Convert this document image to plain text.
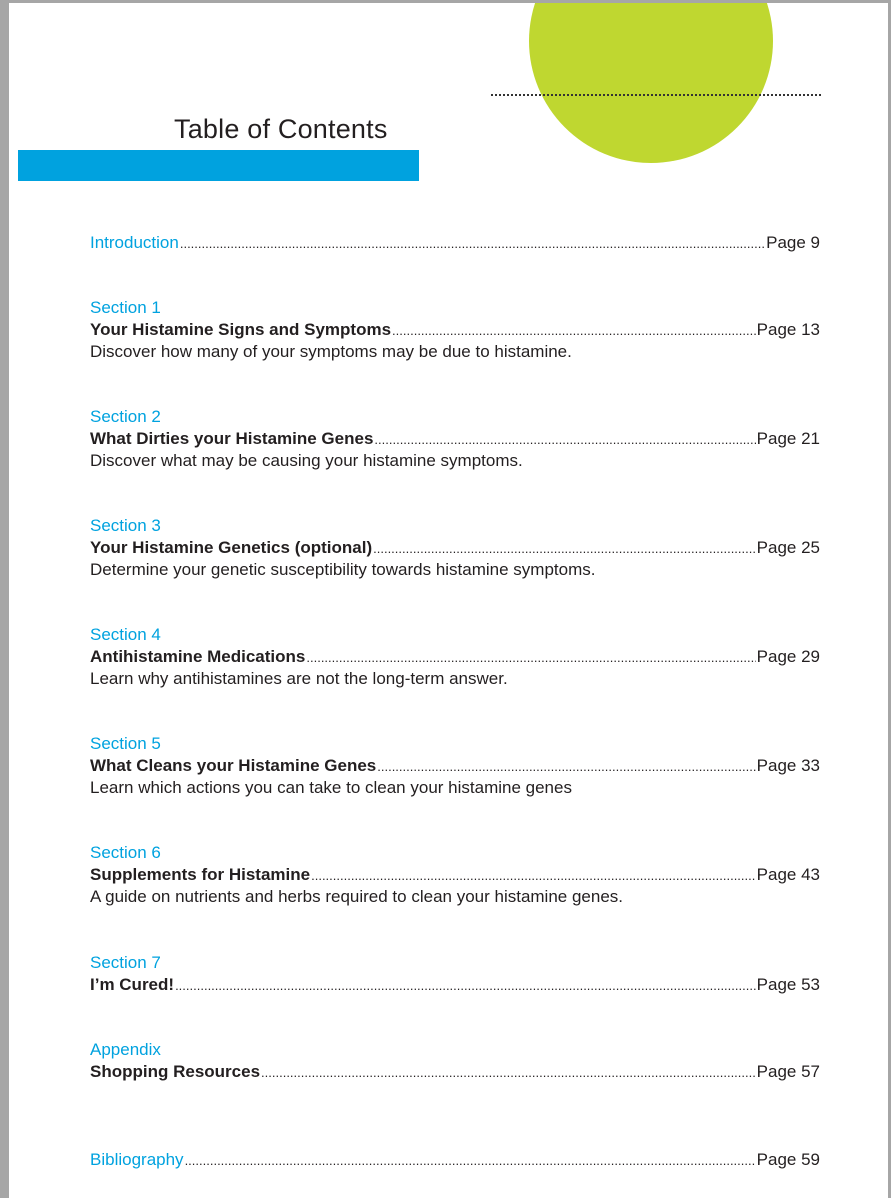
Table of Contents
Introduction .....	Page 9
Section 1
Your Histamine Signs and Symptoms .....	Page 13
Discover how many of your symptoms may be due to histamine.
Section 2
What Dirties your Histamine Genes .....	Page 21
Discover what may be causing your histamine symptoms.
Section 3
Your Histamine Genetics (optional) .....	Page 25
Determine your genetic susceptibility towards histamine symptoms.
Section 4
Antihistamine Medications .....	Page 29
Learn why antihistamines are not the long-term answer.
Section 5
What Cleans your Histamine Genes .....	Page 33
Learn which actions you can take to clean your histamine genes
Section 6
Supplements for Histamine .....	Page 43
A guide on nutrients and herbs required to clean your histamine genes.
Section 7
I’m Cured! .....	Page 53
Appendix
Shopping Resources .....	Page 57
Bibliography .....	Page 59
